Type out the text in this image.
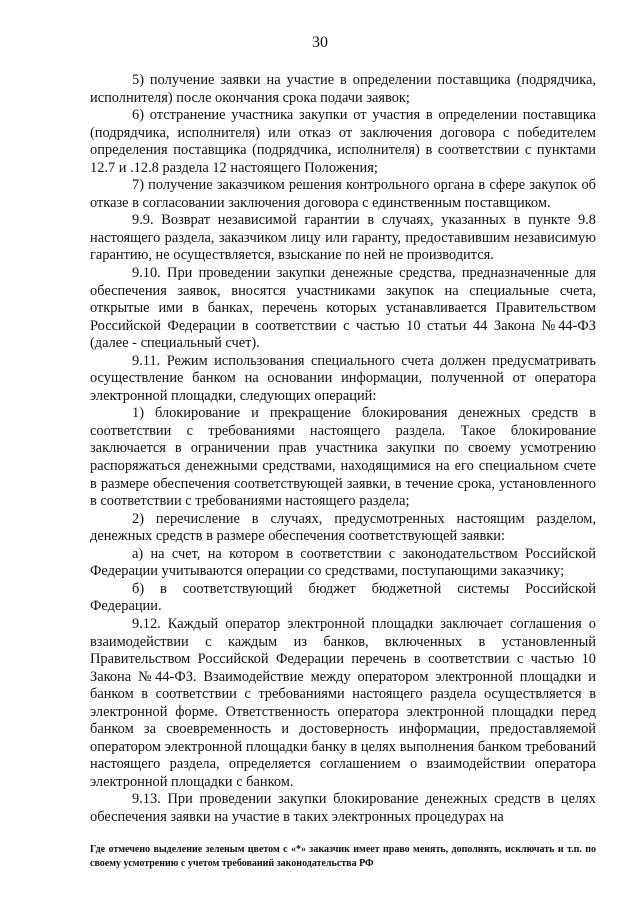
30

5) получение заявки на участие в определении поставщика (подрядчика, исполнителя) после окончания срока подачи заявок;

6) отстранение участника закупки от участия в определении поставщика (подрядчика, исполнителя) или отказ от заключения договора с победителем определения поставщика (подрядчика, исполнителя) в соответствии с пунктами 12.7 и .12.8 раздела 12 настоящего Положения;

7) получение заказчиком решения контрольного органа в сфере закупок об отказе в согласовании заключения договора с единственным поставщиком.

9.9. Возврат независимой гарантии в случаях, указанных в пункте 9.8 настоящего раздела, заказчиком лицу или гаранту, предоставившим независимую гарантию, не осуществляется, взыскание по ней не производится.

9.10. При проведении закупки денежные средства, предназначенные для обеспечения заявок, вносятся участниками закупок на специальные счета, открытые ими в банках, перечень которых устанавливается Правительством Российской Федерации в соответствии с частью 10 статьи 44 Закона №44-ФЗ (далее - специальный счет).

9.11. Режим использования специального счета должен предусматривать осуществление банком на основании информации, полученной от оператора электронной площадки, следующих операций:

1) блокирование и прекращение блокирования денежных средств в соответствии с требованиями настоящего раздела. Такое блокирование заключается в ограничении прав участника закупки по своему усмотрению распоряжаться денежными средствами, находящимися на его специальном счете в размере обеспечения соответствующей заявки, в течение срока, установленного в соответствии с требованиями настоящего раздела;

2) перечисление в случаях, предусмотренных настоящим разделом, денежных средств в размере обеспечения соответствующей заявки:

а) на счет, на котором в соответствии с законодательством Российской Федерации учитываются операции со средствами, поступающими заказчику;

б) в соответствующий бюджет бюджетной системы Российской Федерации.

9.12. Каждый оператор электронной площадки заключает соглашения о взаимодействии с каждым из банков, включенных в установленный Правительством Российской Федерации перечень в соответствии с частью 10 Закона №44-ФЗ. Взаимодействие между оператором электронной площадки и банком в соответствии с требованиями настоящего раздела осуществляется в электронной форме. Ответственность оператора электронной площадки перед банком за своевременность и достоверность информации, предоставляемой оператором электронной площадки банку в целях выполнения банком требований настоящего раздела, определяется соглашением о взаимодействии оператора электронной площадки с банком.

9.13. При проведении закупки блокирование денежных средств в целях обеспечения заявки на участие в таких электронных процедурах на

Где отмечено выделение зеленым цветом с «*» заказчик имеет право менять, дополнять, исключать и т.п. по своему усмотрению с учетом требований законодательства РФ
